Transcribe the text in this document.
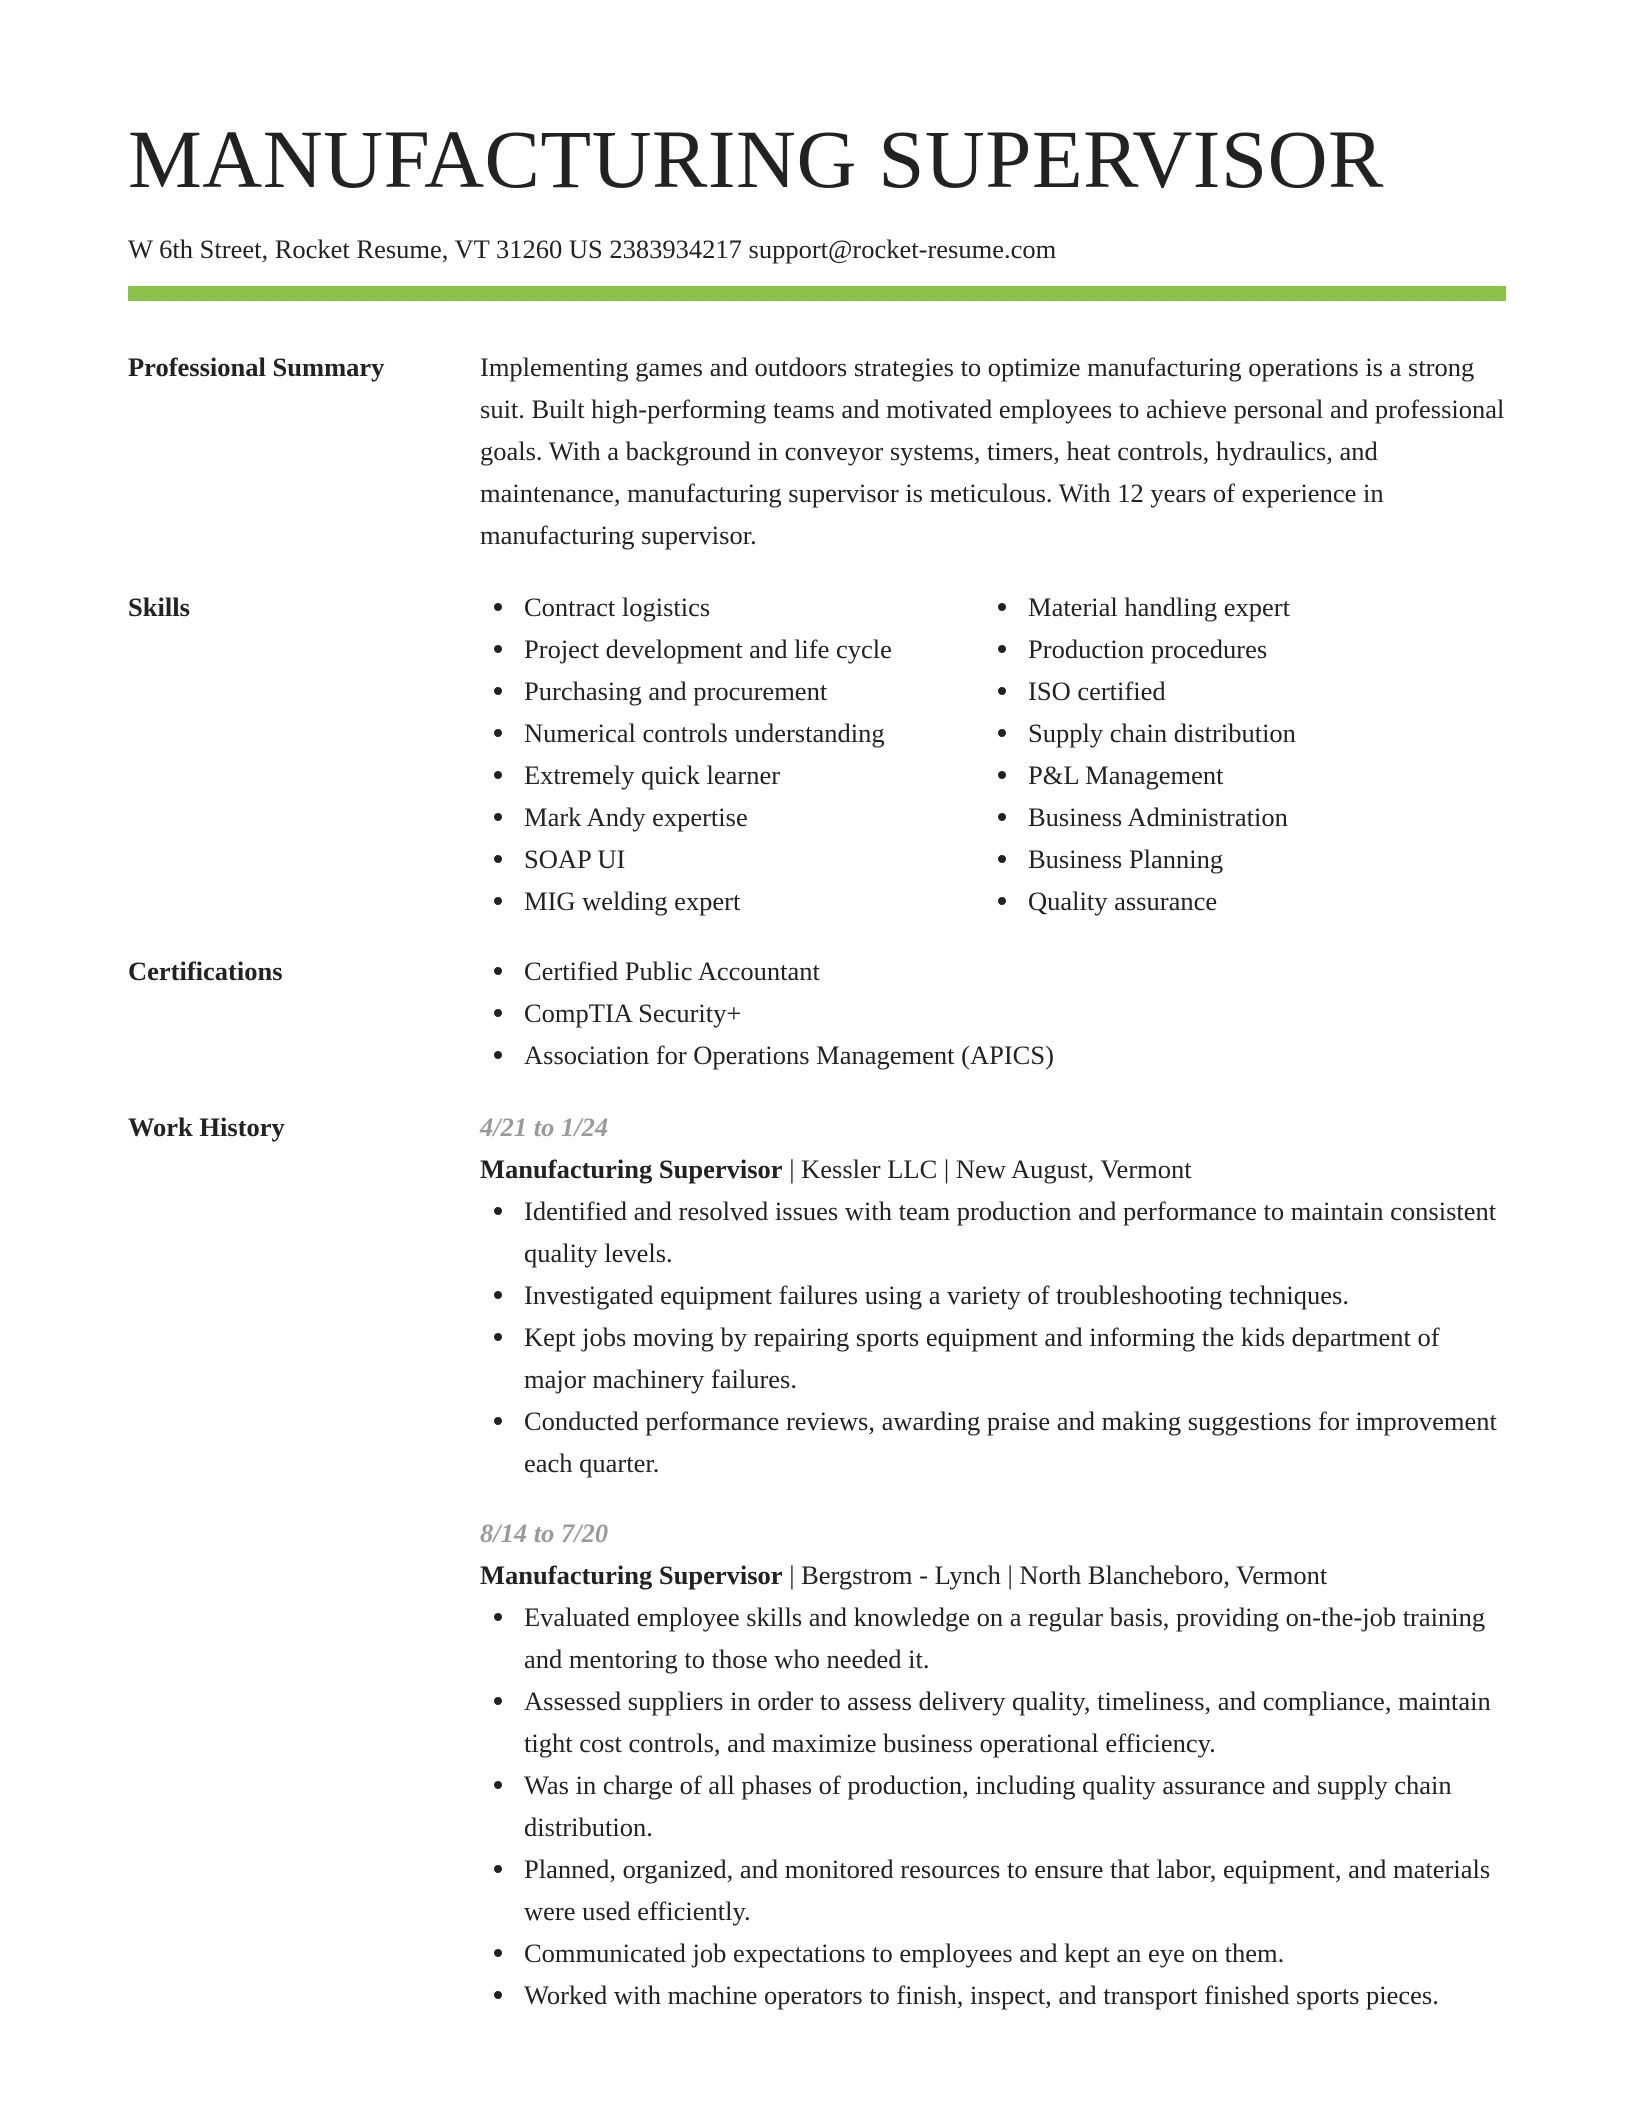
MANUFACTURING SUPERVISOR
W 6th Street, Rocket Resume, VT 31260 US 2383934217 support@rocket-resume.com
Professional Summary	Implementing games and outdoors strategies to optimize manufacturing operations is a strong suit. Built high-performing teams and motivated employees to achieve personal and professional goals. With a background in conveyor systems, timers, heat controls, hydraulics, and maintenance, manufacturing supervisor is meticulous. With 12 years of experience in manufacturing supervisor.

Skills	Contract logistics
Project development and life cycle
Purchasing and procurement
Numerical controls understanding
Extremely quick learner
Mark Andy expertise
SOAP UI
MIG welding expert
Material handling expert
Production procedures
ISO certified
Supply chain distribution
P&L Management
Business Administration
Business Planning
Quality assurance
Certifications	Certified Public Accountant
CompTIA Security+
Association for Operations Management (APICS)
Work History	4/21 to 1/24
Manufacturing Supervisor | Kessler LLC | New August, Vermont
Identified and resolved issues with team production and performance to maintain consistent quality levels.
Investigated equipment failures using a variety of troubleshooting techniques.
Kept jobs moving by repairing sports equipment and informing the kids department of major machinery failures.
Conducted performance reviews, awarding praise and making suggestions for improvement each quarter.
8/14 to 7/20
Manufacturing Supervisor | Bergstrom - Lynch | North Blancheboro, Vermont
Evaluated employee skills and knowledge on a regular basis, providing on-the-job training and mentoring to those who needed it.
Assessed suppliers in order to assess delivery quality, timeliness, and compliance, maintain tight cost controls, and maximize business operational efficiency.
Was in charge of all phases of production, including quality assurance and supply chain distribution.
Planned, organized, and monitored resources to ensure that labor, equipment, and materials were used efficiently.
Communicated job expectations to employees and kept an eye on them.
Worked with machine operators to finish, inspect, and transport finished sports pieces.
